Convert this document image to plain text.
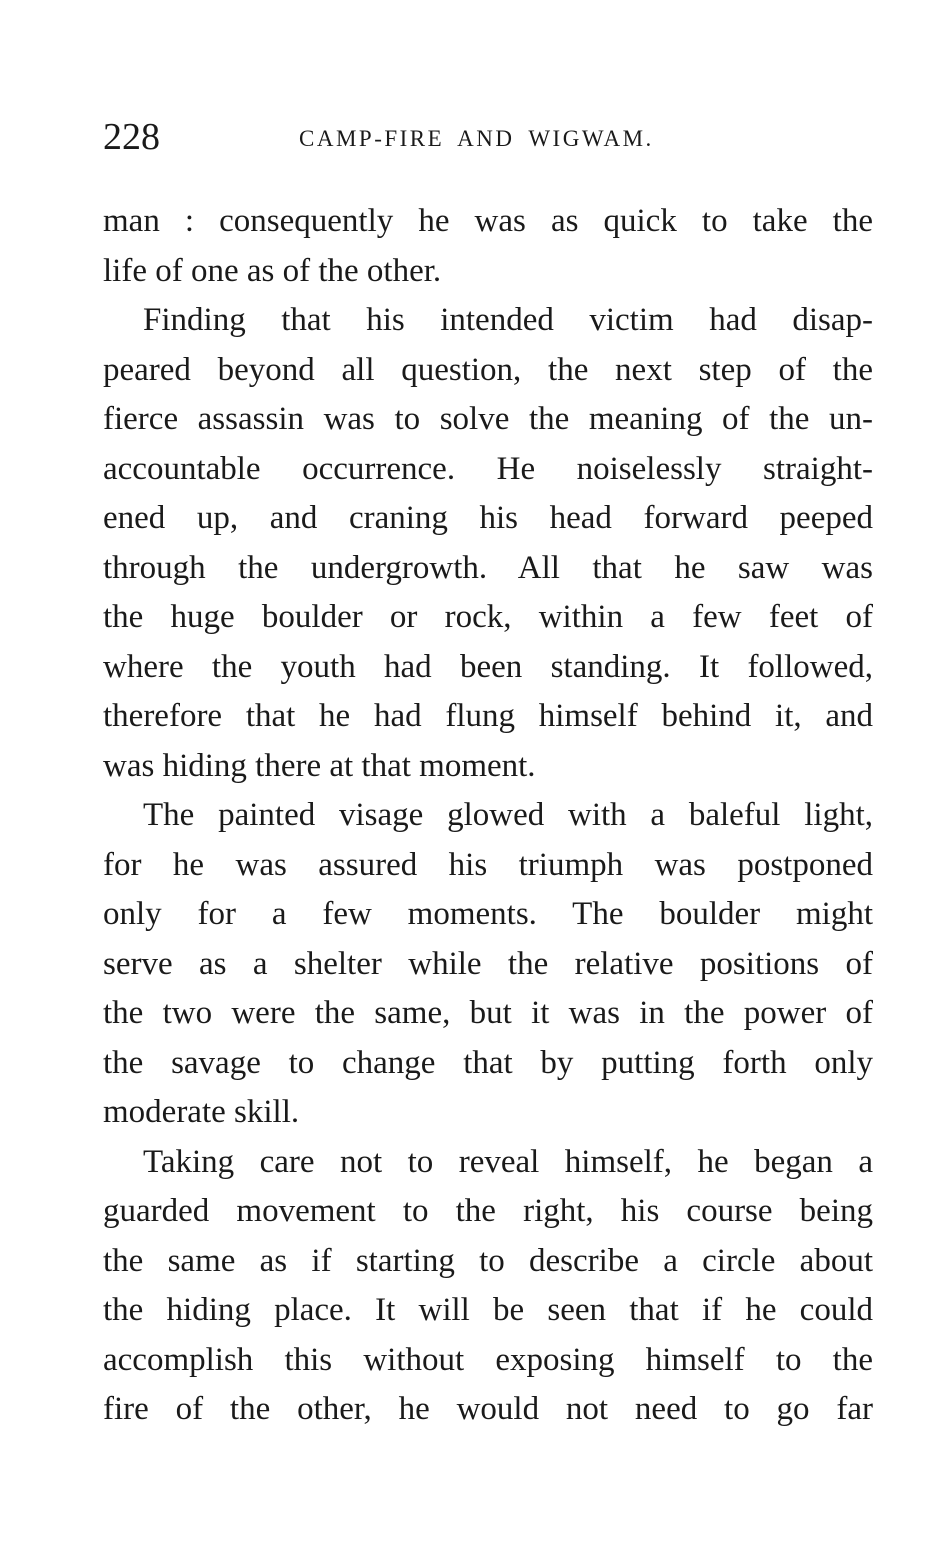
228	CAMP-FIRE AND WIGWAM.
man : consequently he was as quick to take the
life of one as of the other.
Finding that his intended victim had disap-
peared beyond all question, the next step of the
fierce assassin was to solve the meaning of the un-
accountable occurrence. He noiselessly straight-
ened up, and craning his head forward peeped
through the undergrowth. All that he saw was
the huge boulder or rock, within a few feet of
where the youth had been standing. It followed,
therefore that he had flung himself behind it, and
was hiding there at that moment.
The painted visage glowed with a baleful light,
for he was assured his triumph was postponed
only for a few moments. The boulder might
serve as a shelter while the relative positions of
the two were the same, but it was in the power of
the savage to change that by putting forth only
moderate skill.
Taking care not to reveal himself, he began a
guarded movement to the right, his course being
the same as if starting to describe a circle about
the hiding place. It will be seen that if he could
accomplish this without exposing himself to the
fire of the other, he would not need to go far
